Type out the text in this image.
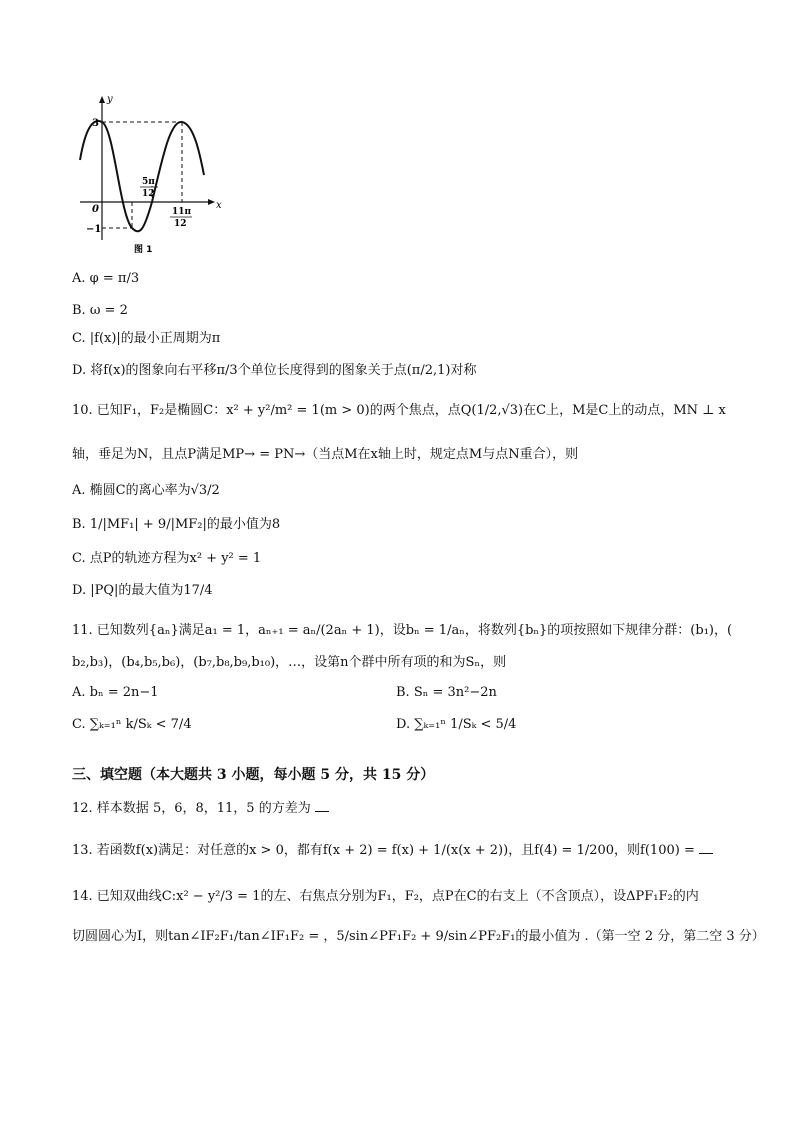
y
x
3
−1
0
5π
12
11π
12
图 1
A. φ = π/3
B. ω = 2
C. |f(x)|的最小正周期为π
D. 将f(x)的图象向右平移π/3个单位长度得到的图象关于点(π/2,1)对称
10. 已知F₁，F₂是椭圆C：x² + y²/m² = 1(m > 0)的两个焦点，点Q(1/2,√3)在C上，M是C上的动点，MN ⊥ x
轴，垂足为N，且点P满足MP→ = PN→（当点M在x轴上时，规定点M与点N重合），则
A. 椭圆C的离心率为√3/2
B. 1/|MF₁| + 9/|MF₂|的最小值为8
C. 点P的轨迹方程为x² + y² = 1
D. |PQ|的最大值为17/4
11. 已知数列{aₙ}满足a₁ = 1，aₙ₊₁ = aₙ/(2aₙ + 1)，设bₙ = 1/aₙ，将数列{bₙ}的项按照如下规律分群：(b₁)，(
b₂,b₃)，(b₄,b₅,b₆)，(b₇,b₈,b₉,b₁₀)，…，设第n个群中所有项的和为Sₙ，则
A. bₙ = 2n−1	B. Sₙ = 3n²−2n
C. ∑ₖ₌₁ⁿ k/Sₖ < 7/4	D. ∑ₖ₌₁ⁿ 1/Sₖ < 5/4
三、填空题（本大题共 3 小题，每小题 5 分，共 15 分）
12. 样本数据 5，6，8，11，5 的方差为
13. 若函数f(x)满足：对任意的x > 0，都有f(x + 2) = f(x) + 1/(x(x + 2))，且f(4) = 1/200，则f(100) =
14. 已知双曲线C:x² − y²/3 = 1的左、右焦点分别为F₁，F₂，点P在C的右支上（不含顶点），设ΔPF₁F₂的内
切圆圆心为I，则tan∠IF₂F₁/tan∠IF₁F₂ = ，5/sin∠PF₁F₂ + 9/sin∠PF₂F₁的最小值为 .（第一空 2 分，第二空 3 分）
